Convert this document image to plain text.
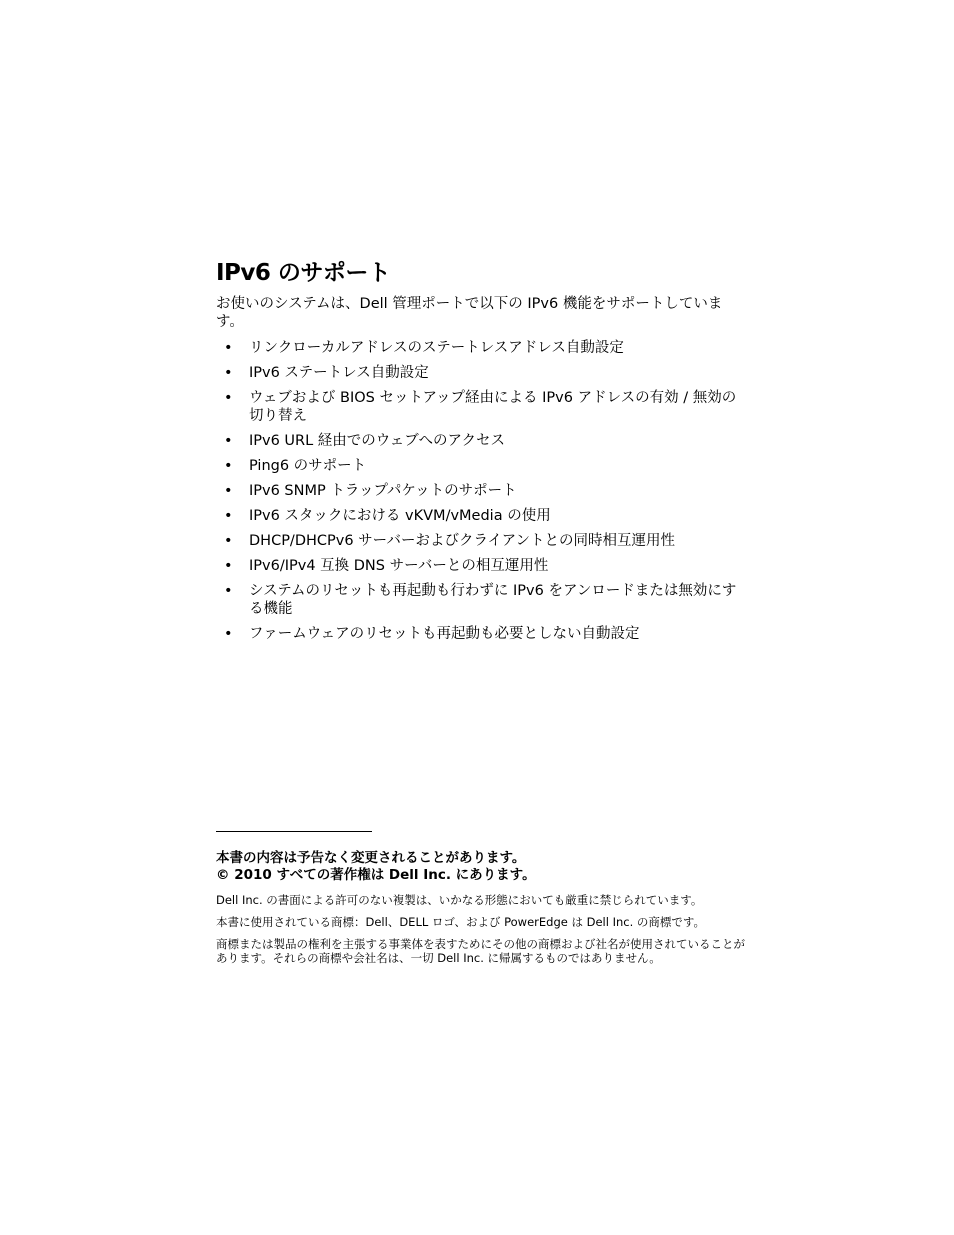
IPv6 のサポート

お使いのシステムは、Dell 管理ポートで以下の IPv6 機能をサポートしています。

• リンクローカルアドレスのステートレスアドレス自動設定
• IPv6 ステートレス自動設定
• ウェブおよび BIOS セットアップ経由による IPv6 アドレスの有効 / 無効の切り替え
• IPv6 URL 経由でのウェブへのアクセス
• Ping6 のサポート
• IPv6 SNMP トラップパケットのサポート
• IPv6 スタックにおける vKVM/vMedia の使用
• DHCP/DHCPv6 サーバーおよびクライアントとの同時相互運用性
• IPv6/IPv4 互換 DNS サーバーとの相互運用性
• システムのリセットも再起動も行わずに IPv6 をアンロードまたは無効にする機能
• ファームウェアのリセットも再起動も必要としない自動設定
本書の内容は予告なく変更されることがあります。
© 2010 すべての著作権は Dell Inc. にあります。

Dell Inc. の書面による許可のない複製は、いかなる形態においても厳重に禁じられています。

本書に使用されている商標：Dell、DELL ロゴ、および PowerEdge は Dell Inc. の商標です。

商標または製品の権利を主張する事業体を表すためにその他の商標および社名が使用されていることがあります。それらの商標や会社名は、一切 Dell Inc. に帰属するものではありません。
